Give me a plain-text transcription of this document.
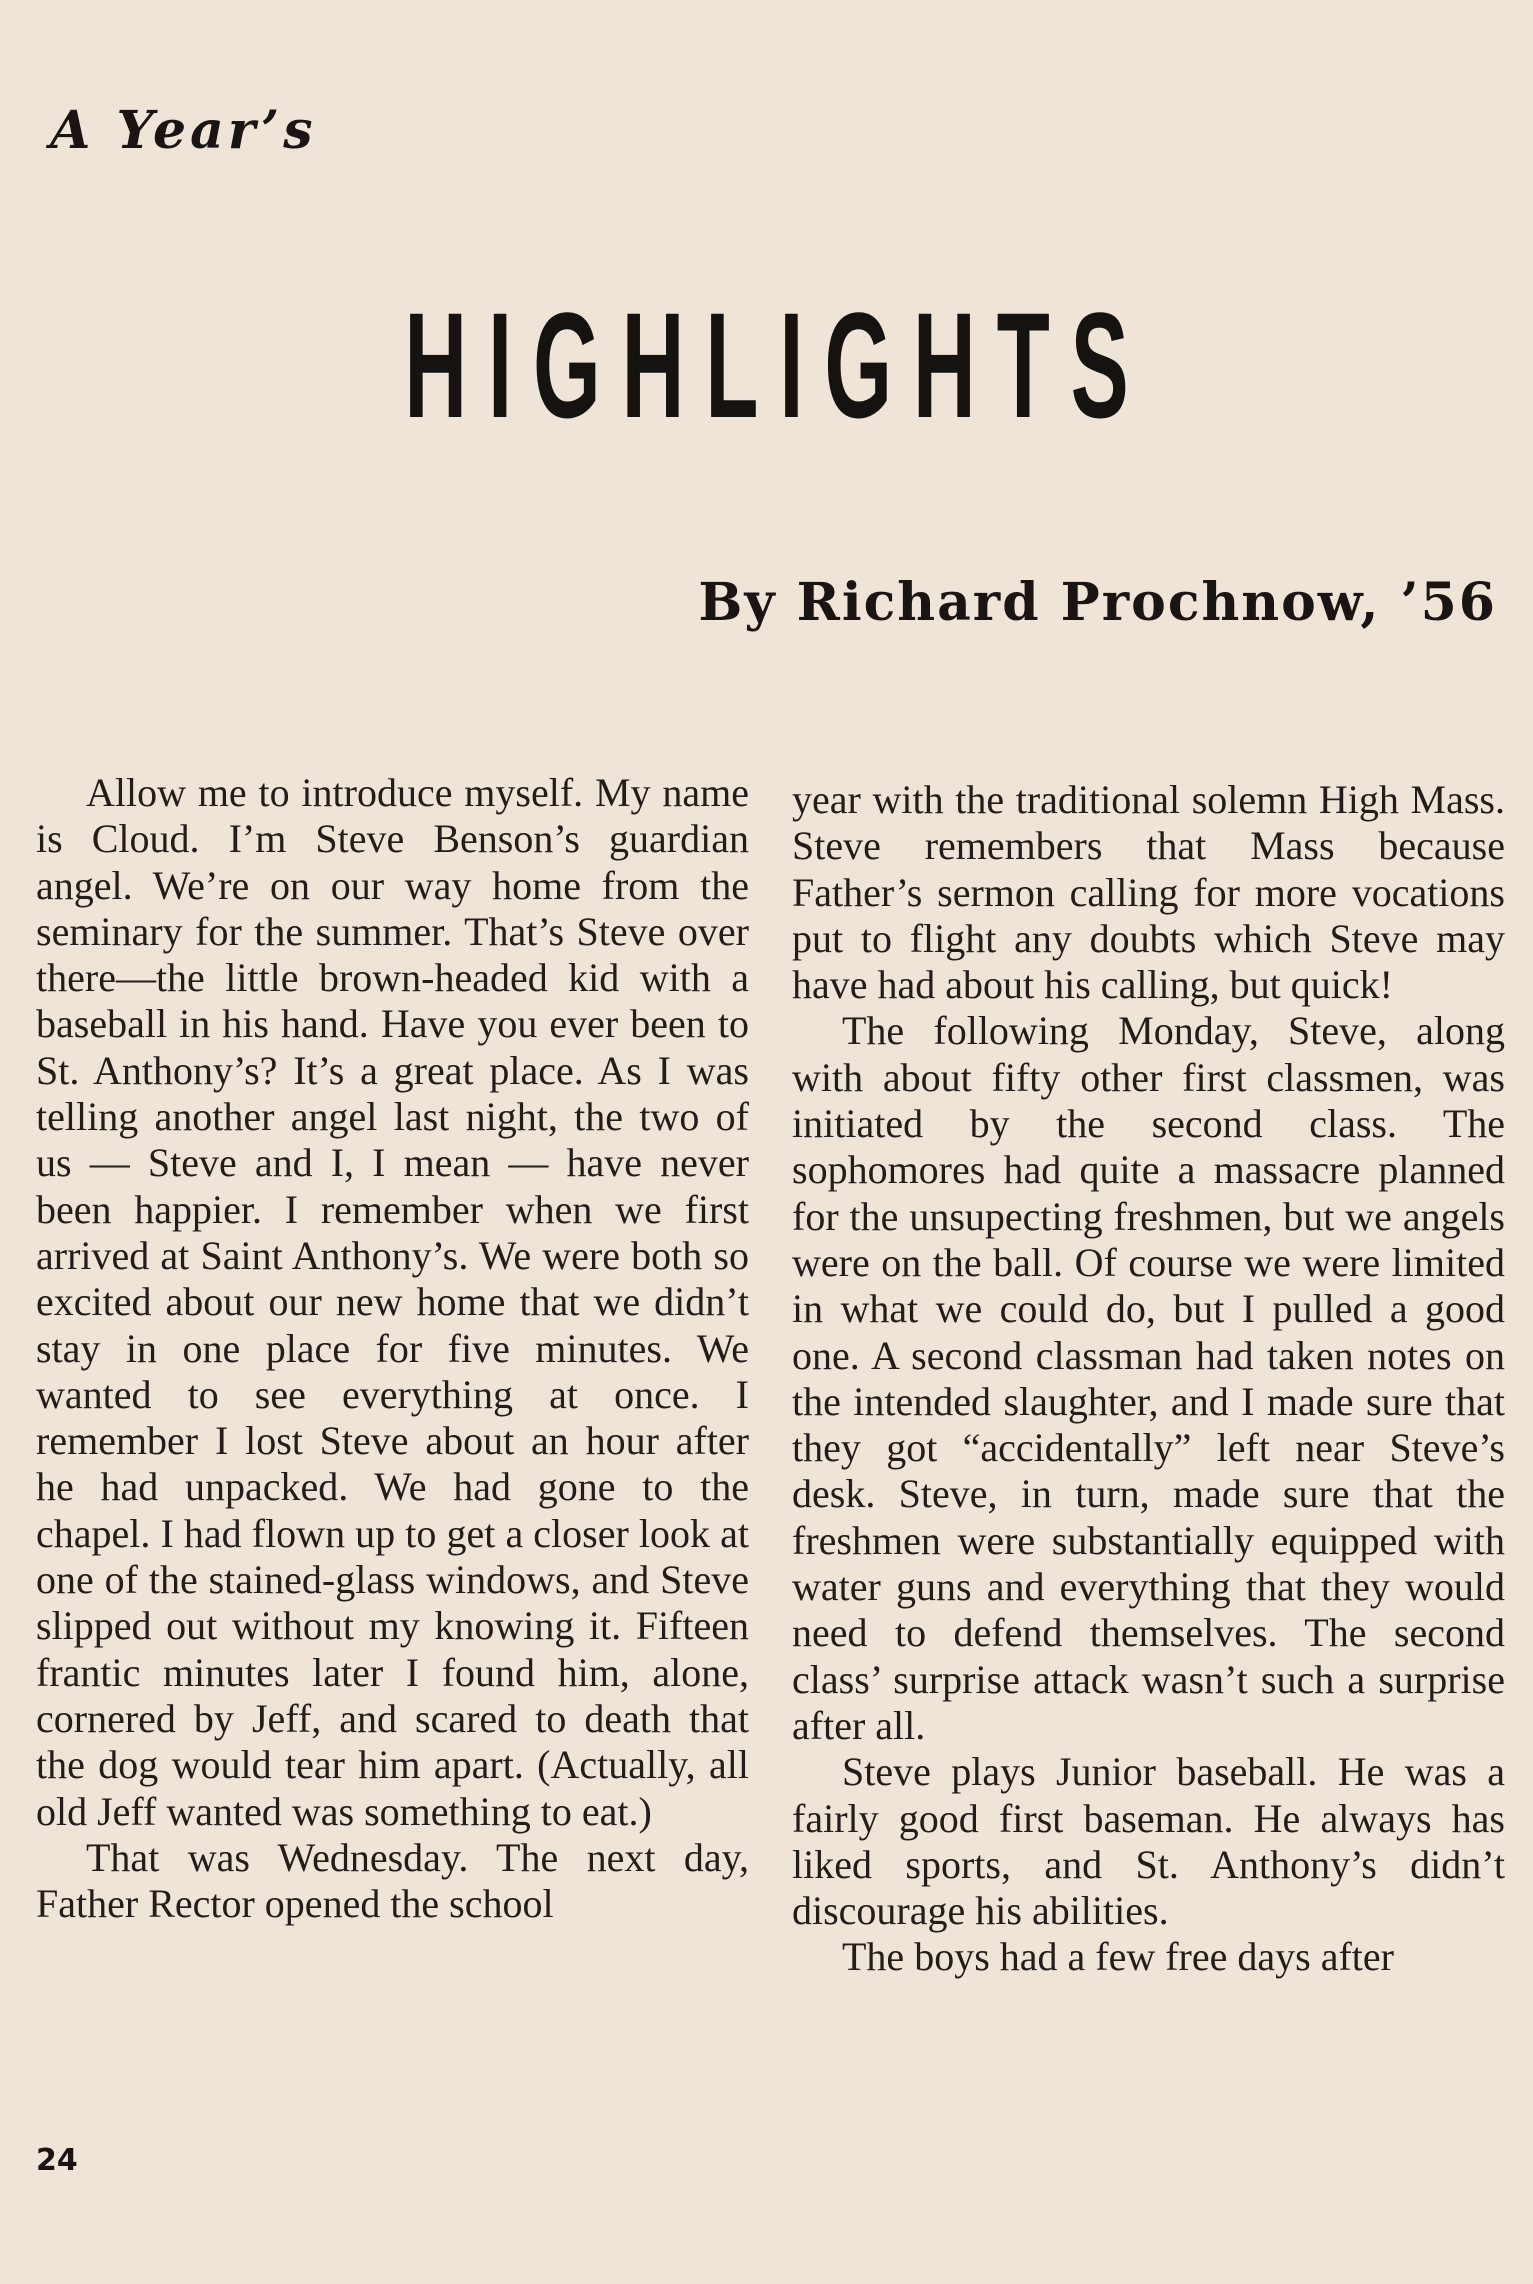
A Year’s
HIGHLIGHTS
By Richard Prochnow, ’56

Allow me to introduce myself. My name is Cloud. I’m Steve Benson’s guardian angel. We’re on our way home from the seminary for the summer. That’s Steve over there—the little brown-headed kid with a baseball in his hand. Have you ever been to St. Anthony’s? It’s a great place. As I was telling another angel last night, the two of us — Steve and I, I mean — have never been happier. I remember when we first arrived at Saint Anthony’s. We were both so excited about our new home that we didn’t stay in one place for five minutes. We wanted to see everything at once. I remember I lost Steve about an hour after he had unpacked. We had gone to the chapel. I had flown up to get a closer look at one of the stained-glass windows, and Steve slipped out without my knowing it. Fifteen frantic minutes later I found him, alone, cornered by Jeff, and scared to death that the dog would tear him apart. (Actually, all old Jeff wanted was something to eat.)

That was Wednesday. The next day, Father Rector opened the school

year with the traditional solemn High Mass. Steve remembers that Mass because Father’s sermon calling for more vocations put to flight any doubts which Steve may have had about his calling, but quick!

The following Monday, Steve, along with about fifty other first classmen, was initiated by the second class. The sophomores had quite a massacre planned for the unsupecting freshmen, but we angels were on the ball. Of course we were limited in what we could do, but I pulled a good one. A second classman had taken notes on the intended slaughter, and I made sure that they got “accidentally” left near Steve’s desk. Steve, in turn, made sure that the freshmen were substantially equipped with water guns and everything that they would need to defend themselves. The second class’ surprise attack wasn’t such a surprise after all.

Steve plays Junior baseball. He was a fairly good first baseman. He always has liked sports, and St. Anthony’s didn’t discourage his abilities.

The boys had a few free days after

24
